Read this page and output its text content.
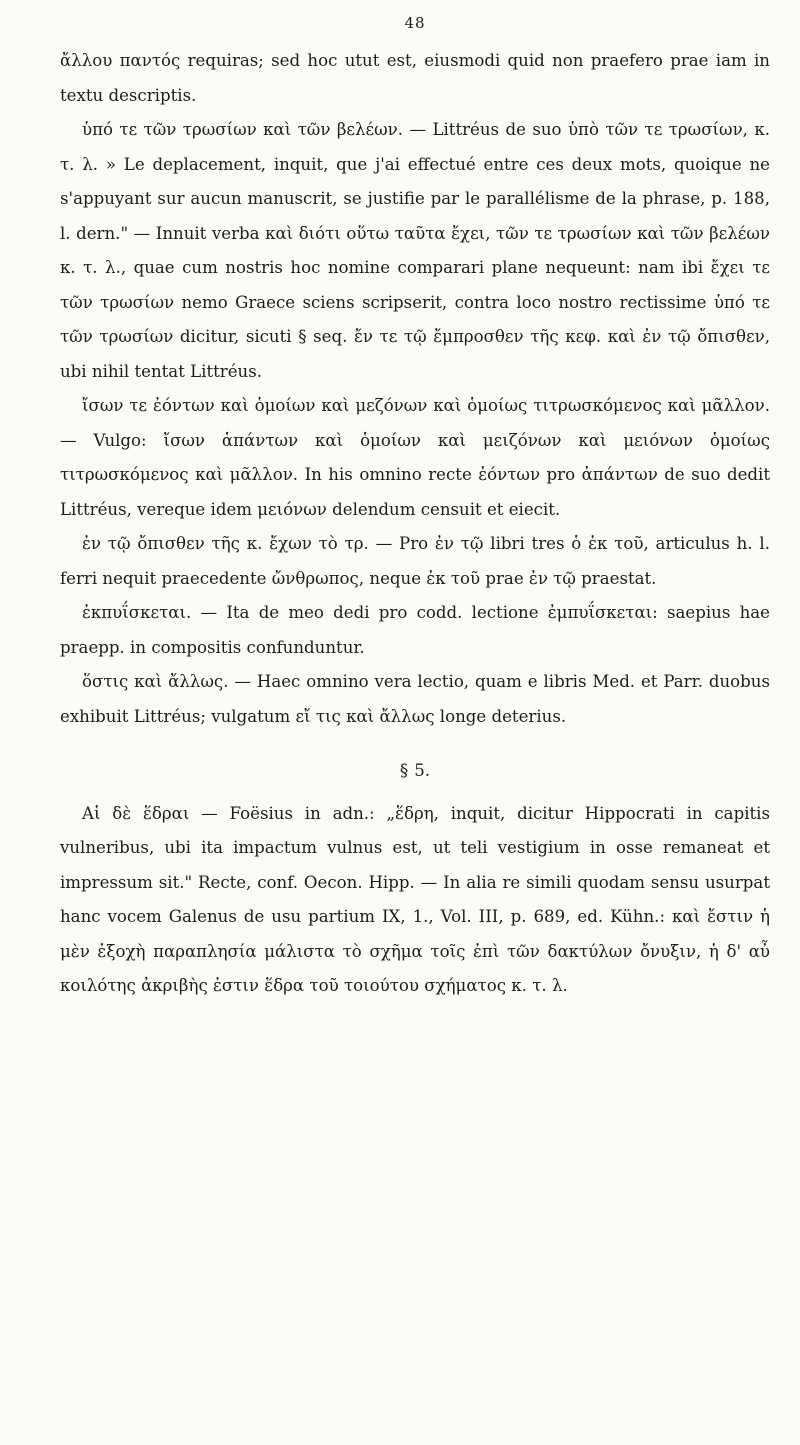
48

ἄλλου παντός requiras; sed hoc utut est, eiusmodi quid non praefero prae iam in textu descriptis.

ὑπό τε τῶν τρωσίων καὶ τῶν βελέων. — Littréus de suo ὑπὸ τῶν τε τρωσίων, κ. τ. λ. » Le deplacement, inquit, que j'ai effectué entre ces deux mots, quoique ne s'appuyant sur aucun manuscrit, se justifie par le parallélisme de la phrase, p. 188, l. dern." — Innuit verba καὶ διότι οὕτω ταῦτα ἔχει, τῶν τε τρωσίων καὶ τῶν βελέων κ. τ. λ., quae cum nostris hoc nomine comparari plane nequeunt: nam ibi ἔχει τε τῶν τρωσίων nemo Graece sciens scripserit, contra loco nostro rectissime ὑπό τε τῶν τρωσίων dicitur, sicuti § seq. ἔν τε τῷ ἔμπροσθεν τῆς κεφ. καὶ ἐν τῷ ὄπισθεν, ubi nihil tentat Littréus.

ἴσων τε ἐόντων καὶ ὁμοίων καὶ μεζόνων καὶ ὁμοίως τιτρωσκόμενος καὶ μᾶλλον. — Vulgo: ἴσων ἁπάντων καὶ ὁμοίων καὶ μειζόνων καὶ μειόνων ὁμοίως τιτρωσκόμενος καὶ μᾶλλον. In his omnino recte ἐόντων pro ἁπάντων de suo dedit Littréus, vereque idem μειόνων delendum censuit et eiecit.

ἐν τῷ ὄπισθεν τῆς κ. ἔχων τὸ τρ. — Pro ἐν τῷ libri tres ὁ ἐκ τοῦ, articulus h. l. ferri nequit praecedente ὤνθρωπος, neque ἐκ τοῦ prae ἐν τῷ praestat.

ἐκπυΐσκεται. — Ita de meo dedi pro codd. lectione ἐμπυΐσκεται: saepius hae praepp. in compositis confunduntur.

ὅστις καὶ ἄλλως. — Haec omnino vera lectio, quam e libris Med. et Parr. duobus exhibuit Littréus; vulgatum εἴ τις καὶ ἄλλως longe deterius.

§ 5.

Αἱ δὲ ἕδραι — Foësius in adn.: „ἕδρη, inquit, dicitur Hippocrati in capitis vulneribus, ubi ita impactum vulnus est, ut teli vestigium in osse remaneat et impressum sit." Recte, conf. Oecon. Hipp. — In alia re simili quodam sensu usurpat hanc vocem Galenus de usu partium IX, 1., Vol. III, p. 689, ed. Kühn.: καὶ ἔστιν ἡ μὲν ἐξοχὴ παραπλησία μάλιστα τὸ σχῆμα τοῖς ἐπὶ τῶν δακτύλων ὄνυξιν, ἡ δ' αὖ κοιλότης ἀκριβὴς ἐστιν ἕδρα τοῦ τοιούτου σχήματος κ. τ. λ.
